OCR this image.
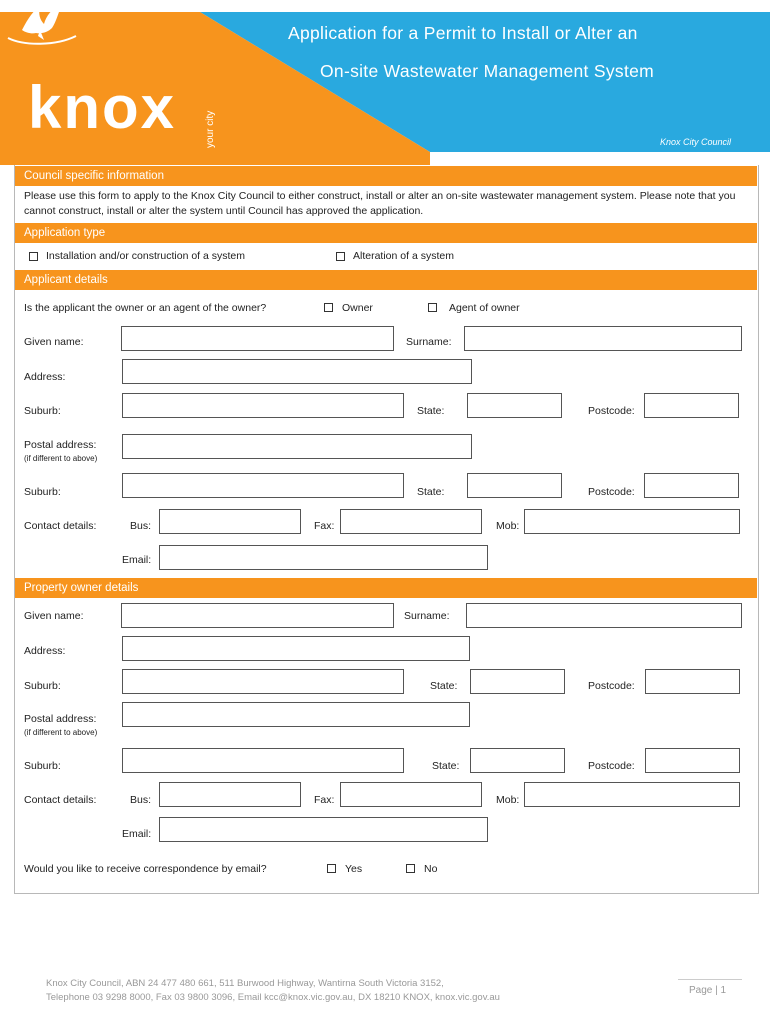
Application for a Permit to Install or Alter an
On-site Wastewater Management System
knox	your city	Knox City Council
Council specific information
Please use this form to apply to the Knox City Council to either construct, install or alter an on-site wastewater management system. Please note that you cannot construct, install or alter the system until Council has approved the application.
Application type
Installation and/or construction of a system	Alteration of a system
Applicant details
Is the applicant the owner or an agent of the owner?	Owner	Agent of owner
Given name:	Surname:
Address:
Suburb:	State:	Postcode:
Postal address:
(if different to above)
Suburb:	State:	Postcode:
Contact details:	Bus:	Fax:	Mob:
Email:
Property owner details
Given name:	Surname:
Address:
Suburb:	State:	Postcode:
Postal address:
(if different to above)
Suburb:	State:	Postcode:
Contact details:	Bus:	Fax:	Mob:
Email:
Would you like to receive correspondence by email?	Yes	No
Knox City Council, ABN 24 477 480 661, 511 Burwood Highway, Wantirna South Victoria 3152,
Telephone 03 9298 8000, Fax 03 9800 3096, Email kcc@knox.vic.gov.au, DX 18210 KNOX, knox.vic.gov.au
Page | 1
